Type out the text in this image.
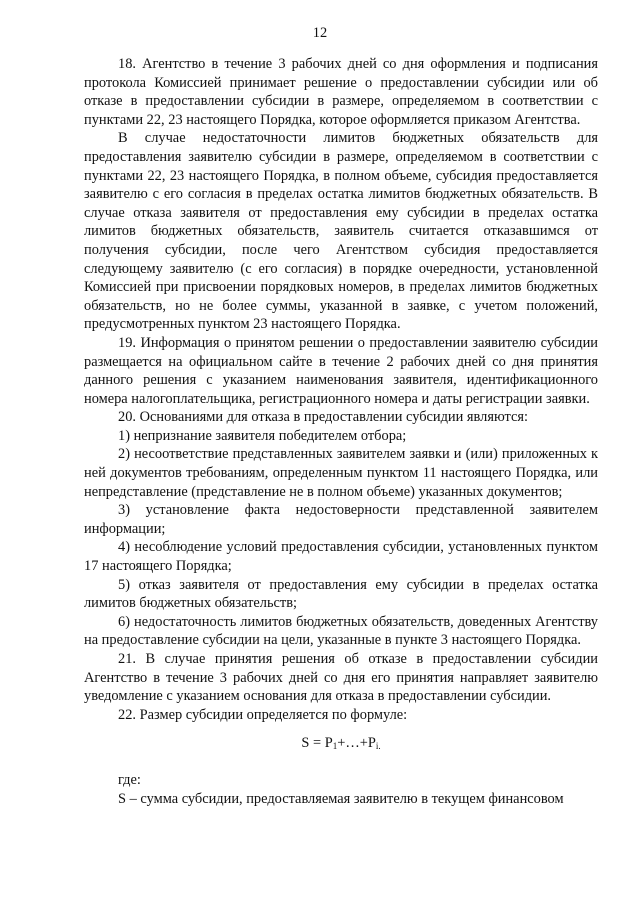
12

18. Агентство в течение 3 рабочих дней со дня оформления и подписания протокола Комиссией принимает решение о предоставлении субсидии или об отказе в предоставлении субсидии в размере, определяемом в соответствии с пунктами 22, 23 настоящего Порядка, которое оформляется приказом Агентства.

В случае недостаточности лимитов бюджетных обязательств для предоставления заявителю субсидии в размере, определяемом в соответствии с пунктами 22, 23 настоящего Порядка, в полном объеме, субсидия предоставляется заявителю с его согласия в пределах остатка лимитов бюджетных обязательств. В случае отказа заявителя от предоставления ему субсидии в пределах остатка лимитов бюджетных обязательств, заявитель считается отказавшимся от получения субсидии, после чего Агентством субсидия предоставляется следующему заявителю (с его согласия) в порядке очередности, установленной Комиссией при присвоении порядковых номеров, в пределах лимитов бюджетных обязательств, но не более суммы, указанной в заявке, с учетом положений, предусмотренных пунктом 23 настоящего Порядка.

19. Информация о принятом решении о предоставлении заявителю субсидии размещается на официальном сайте в течение 2 рабочих дней со дня принятия данного решения с указанием наименования заявителя, идентификационного номера налогоплательщика, регистрационного номера и даты регистрации заявки.

20. Основаниями для отказа в предоставлении субсидии являются:

1) непризнание заявителя победителем отбора;

2) несоответствие представленных заявителем заявки и (или) приложенных к ней документов требованиям, определенным пунктом 11 настоящего Порядка, или непредставление (представление не в полном объеме) указанных документов;

3) установление факта недостоверности представленной заявителем информации;

4) несоблюдение условий предоставления субсидии, установленных пунктом 17 настоящего Порядка;

5) отказ заявителя от предоставления ему субсидии в пределах остатка лимитов бюджетных обязательств;

6) недостаточность лимитов бюджетных обязательств, доведенных Агентству на предоставление субсидии на цели, указанные в пункте 3 настоящего Порядка.

21. В случае принятия решения об отказе в предоставлении субсидии Агентство в течение 3 рабочих дней со дня его принятия направляет заявителю уведомление с указанием основания для отказа в предоставлении субсидии.

22. Размер субсидии определяется по формуле:

$S = P_1+\dots+P_{i.}$

где:

S – сумма субсидии, предоставляемая заявителю в текущем финансовом
